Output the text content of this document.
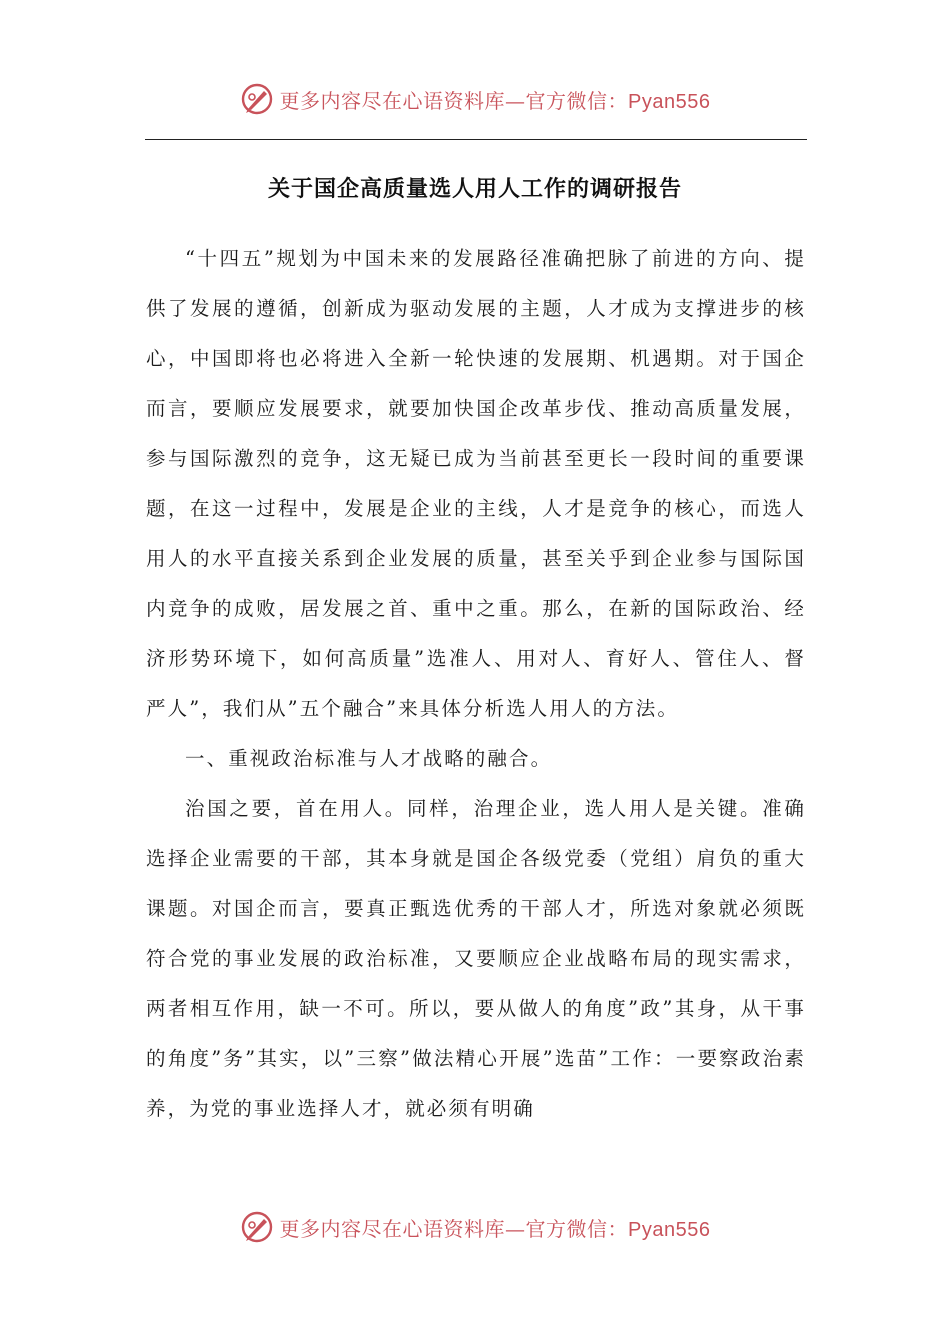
更多内容尽在心语资料库—官方微信：Pyan556
关于国企高质量选人用人工作的调研报告

“十四五”规划为中国未来的发展路径准确把脉了前进的方向、提供了发展的遵循，创新成为驱动发展的主题，人才成为支撑进步的核心，中国即将也必将进入全新一轮快速的发展期、机遇期。对于国企而言，要顺应发展要求，就要加快国企改革步伐、推动高质量发展，参与国际激烈的竞争，这无疑已成为当前甚至更长一段时间的重要课题，在这一过程中，发展是企业的主线，人才是竞争的核心，而选人用人的水平直接关系到企业发展的质量，甚至关乎到企业参与国际国内竞争的成败，居发展之首、重中之重。那么，在新的国际政治、经济形势环境下，如何高质量”选准人、用对人、育好人、管住人、督严人”，我们从”五个融合”来具体分析选人用人的方法。

一、重视政治标准与人才战略的融合。

治国之要，首在用人。同样，治理企业，选人用人是关键。准确选择企业需要的干部，其本身就是国企各级党委（党组）肩负的重大课题。对国企而言，要真正甄选优秀的干部人才，所选对象就必须既符合党的事业发展的政治标准，又要顺应企业战略布局的现实需求，两者相互作用，缺一不可。所以，要从做人的角度”政”其身，从干事的角度”务”其实，以”三察”做法精心开展”选苗”工作：一要察政治素养，为党的事业选择人才，就必须有明确

更多内容尽在心语资料库—官方微信：Pyan556
